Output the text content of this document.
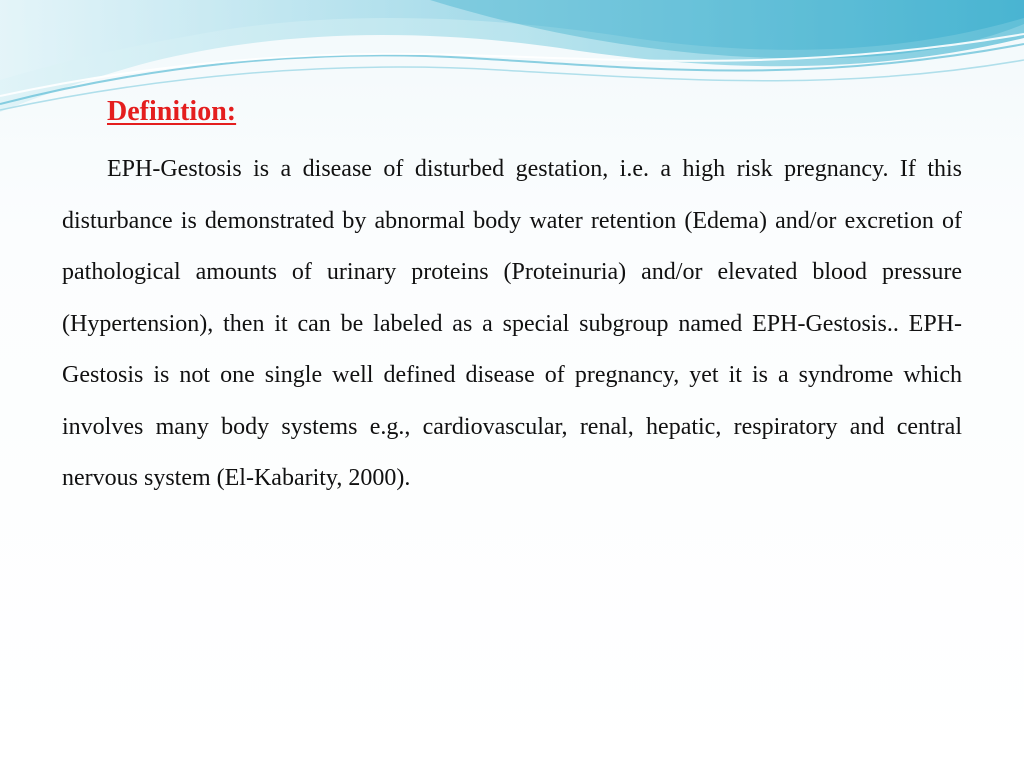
Definition:

EPH-Gestosis is a disease of disturbed gestation, i.e. a high risk pregnancy. If this disturbance is demonstrated by abnormal body water retention (Edema) and/or excretion of pathological amounts of urinary proteins (Proteinuria) and/or elevated blood pressure (Hypertension), then it can be labeled as a special subgroup named EPH-Gestosis.. EPH-Gestosis is not one single well defined disease of pregnancy, yet it is a syndrome which involves many body systems e.g., cardiovascular, renal, hepatic, respiratory and central nervous system (El-Kabarity, 2000).
